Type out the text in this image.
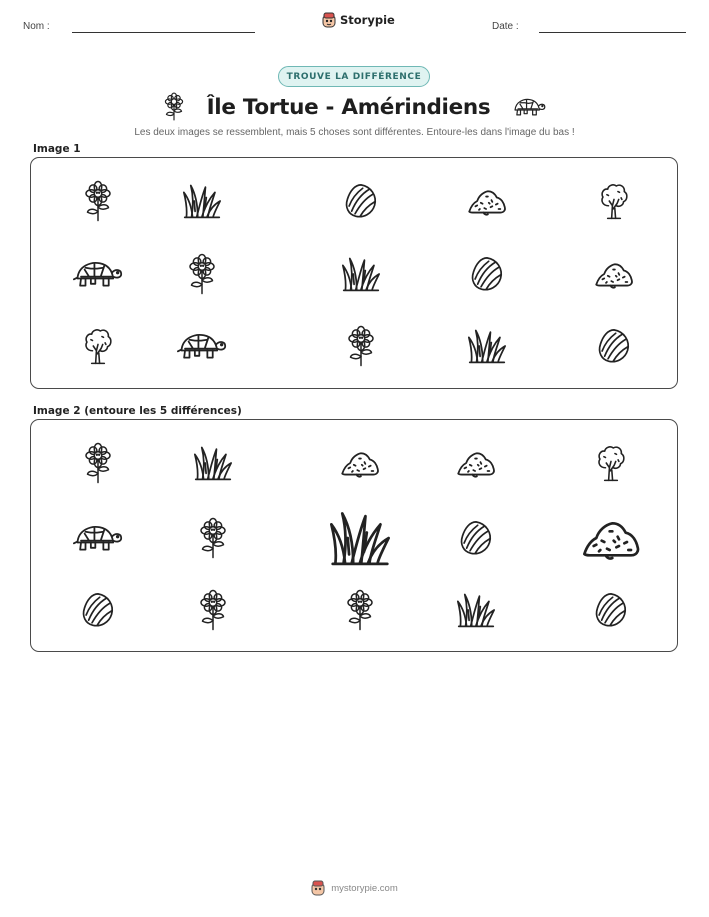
Nom :	Storypie	Date :
TROUVE LA DIFFÉRENCE
Île Tortue - Amérindiens
Les deux images se ressemblent, mais 5 choses sont différentes. Entoure-les dans l'image du bas !
Image 1
Image 2 (entoure les 5 différences)
mystorypie.com
